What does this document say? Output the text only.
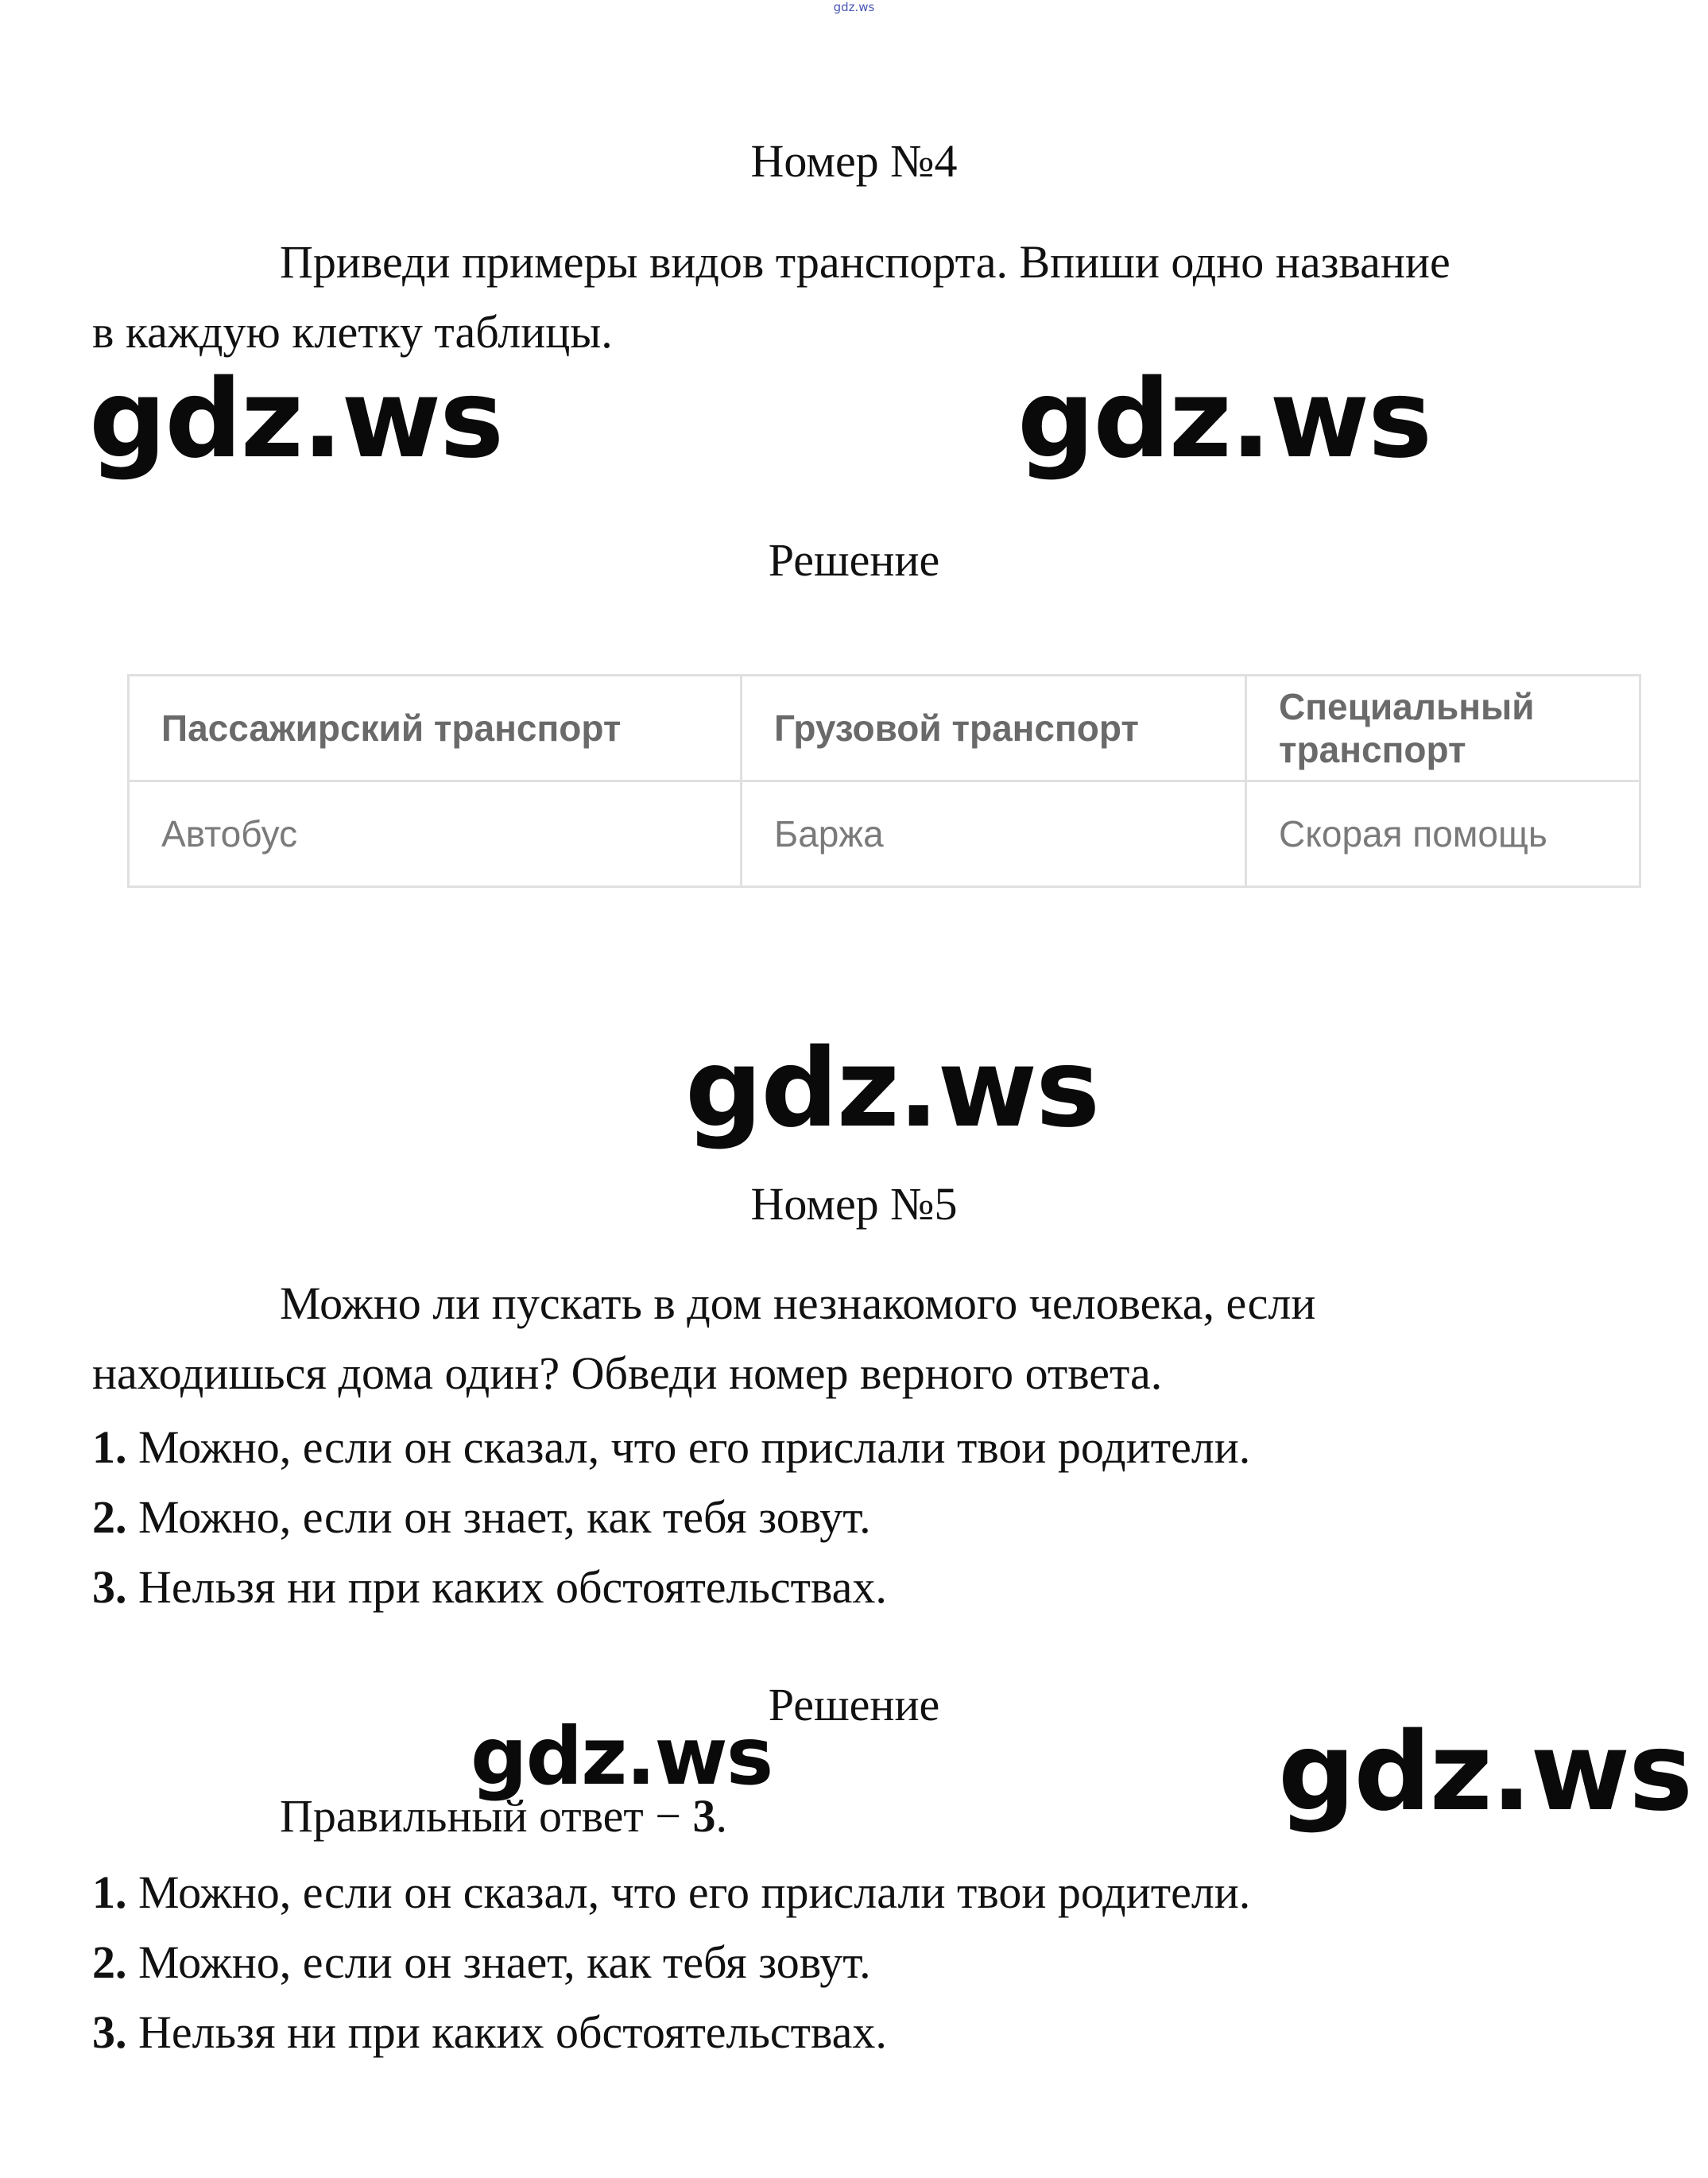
gdz.ws
Номер №4
Приведи примеры видов транспорта. Впиши одно название
в каждую клетку таблицы.
gdz.ws	gdz.ws
Решение
Пассажирский транспорт	Грузовой транспорт	Специальный транспорт
Автобус	Баржа	Скорая помощь
gdz.ws
Номер №5
Можно ли пускать в дом незнакомого человека, если
находишься дома один? Обведи номер верного ответа.
1. Можно, если он сказал, что его прислали твои родители.
2. Можно, если он знает, как тебя зовут.
3. Нельзя ни при каких обстоятельствах.
Решение
gdz.ws	gdz.ws
Правильный ответ − 3.
1. Можно, если он сказал, что его прислали твои родители.
2. Можно, если он знает, как тебя зовут.
3. Нельзя ни при каких обстоятельствах.
